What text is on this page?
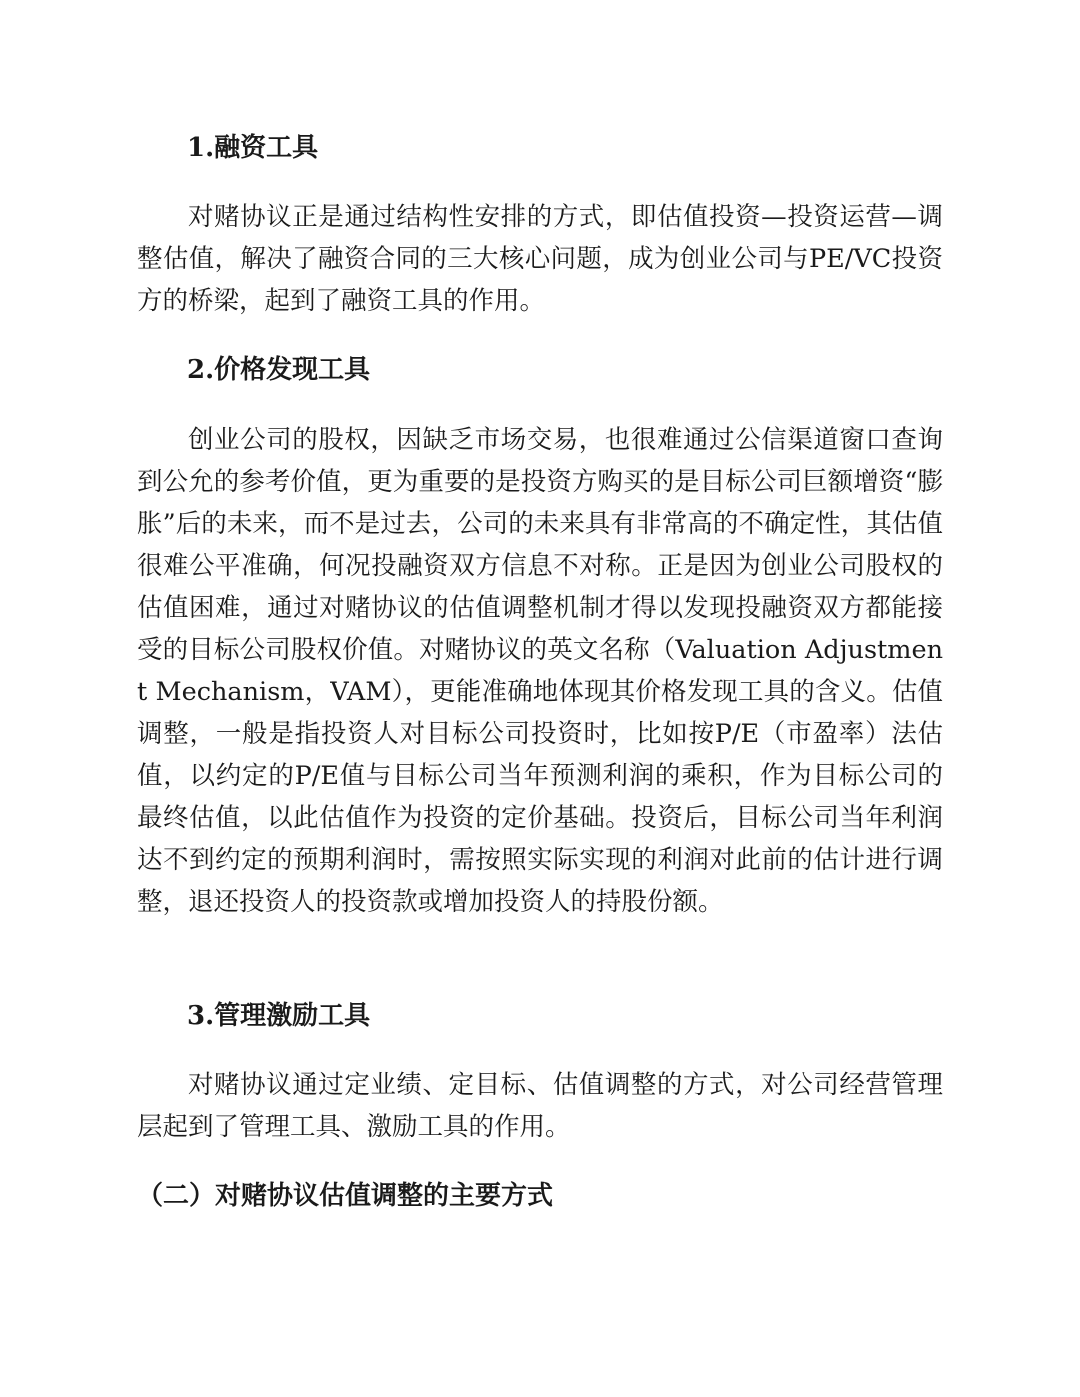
1.融资工具

对赌协议正是通过结构性安排的方式，即估值投资—投资运营—调整估值，解决了融资合同的三大核心问题，成为创业公司与PE/VC投资方的桥梁，起到了融资工具的作用。

2.价格发现工具

创业公司的股权，因缺乏市场交易，也很难通过公信渠道窗口查询到公允的参考价值，更为重要的是投资方购买的是目标公司巨额增资“膨胀”后的未来，而不是过去，公司的未来具有非常高的不确定性，其估值很难公平准确，何况投融资双方信息不对称。正是因为创业公司股权的估值困难，通过对赌协议的估值调整机制才得以发现投融资双方都能接受的目标公司股权价值。对赌协议的英文名称（Valuation Adjustment Mechanism，VAM），更能准确地体现其价格发现工具的含义。估值调整，一般是指投资人对目标公司投资时，比如按P/E（市盈率）法估值，以约定的P/E值与目标公司当年预测利润的乘积，作为目标公司的最终估值，以此估值作为投资的定价基础。投资后，目标公司当年利润达不到约定的预期利润时，需按照实际实现的利润对此前的估计进行调整，退还投资人的投资款或增加投资人的持股份额。

3.管理激励工具

对赌协议通过定业绩、定目标、估值调整的方式，对公司经营管理层起到了管理工具、激励工具的作用。

（二）对赌协议估值调整的主要方式
